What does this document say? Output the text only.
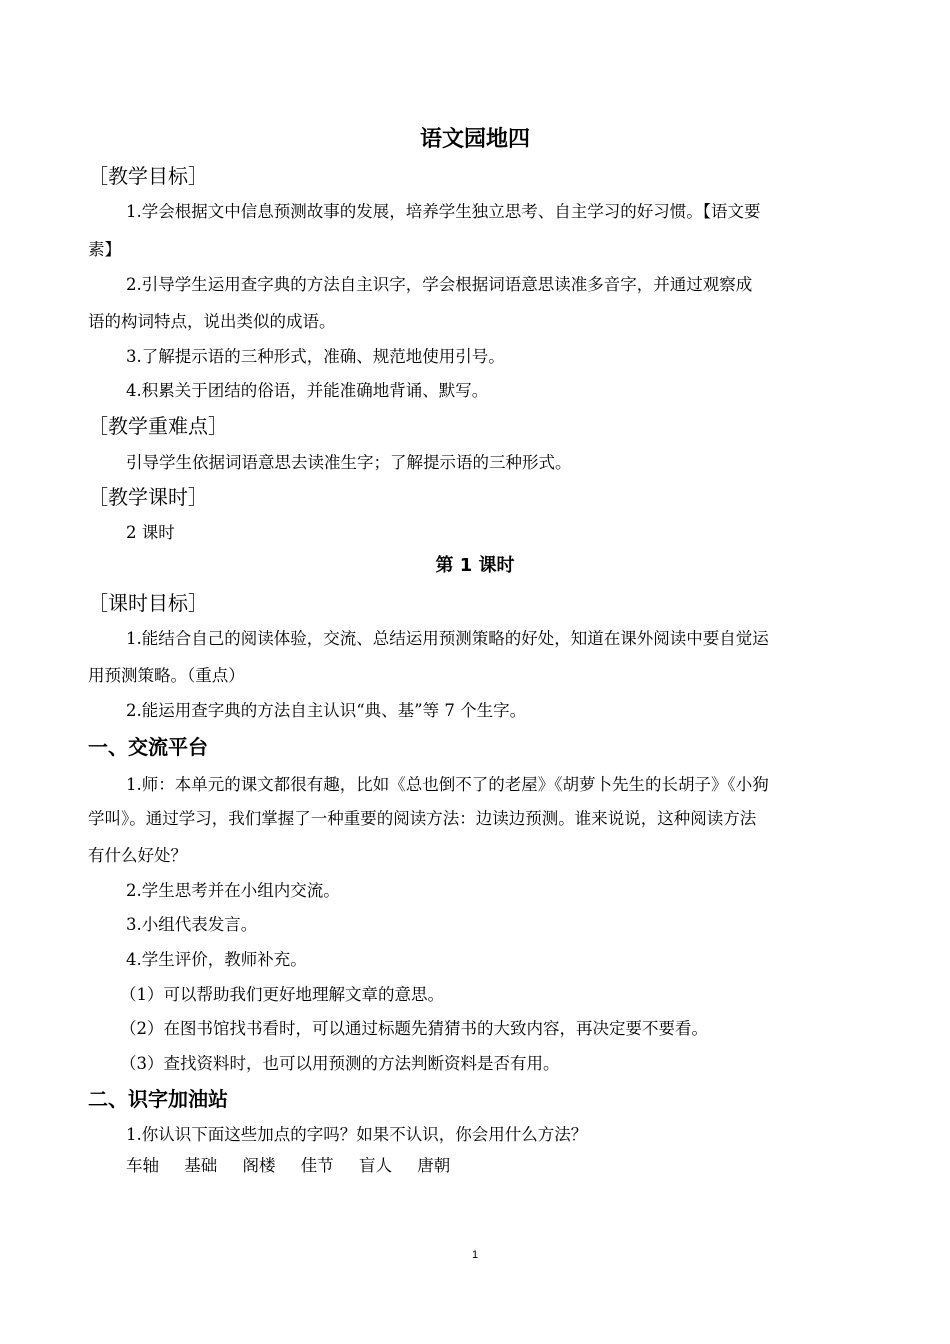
语文园地四
［教学目标］
1.学会根据文中信息预测故事的发展，培养学生独立思考、自主学习的好习惯。【语文要
素】
2.引导学生运用查字典的方法自主识字，学会根据词语意思读准多音字，并通过观察成
语的构词特点，说出类似的成语。
3.了解提示语的三种形式，准确、规范地使用引号。
4.积累关于团结的俗语，并能准确地背诵、默写。
［教学重难点］
引导学生依据词语意思去读准生字；了解提示语的三种形式。
［教学课时］
2 课时
第 1 课时
［课时目标］
1.能结合自己的阅读体验，交流、总结运用预测策略的好处，知道在课外阅读中要自觉运
用预测策略。（重点）
2.能运用查字典的方法自主认识“典、基”等 7 个生字。
一、交流平台
1.师：本单元的课文都很有趣，比如《总也倒不了的老屋》《胡萝卜先生的长胡子》《小狗
学叫》。通过学习，我们掌握了一种重要的阅读方法：边读边预测。谁来说说，这种阅读方法
有什么好处？
2.学生思考并在小组内交流。
3.小组代表发言。
4.学生评价，教师补充。
（1）可以帮助我们更好地理解文章的意思。
（2）在图书馆找书看时，可以通过标题先猜猜书的大致内容，再决定要不要看。
（3）查找资料时，也可以用预测的方法判断资料是否有用。
二、识字加油站
1.你认识下面这些加点的字吗？如果不认识，你会用什么方法？
车轴 基础 阁楼 佳节 盲人 唐朝
1
